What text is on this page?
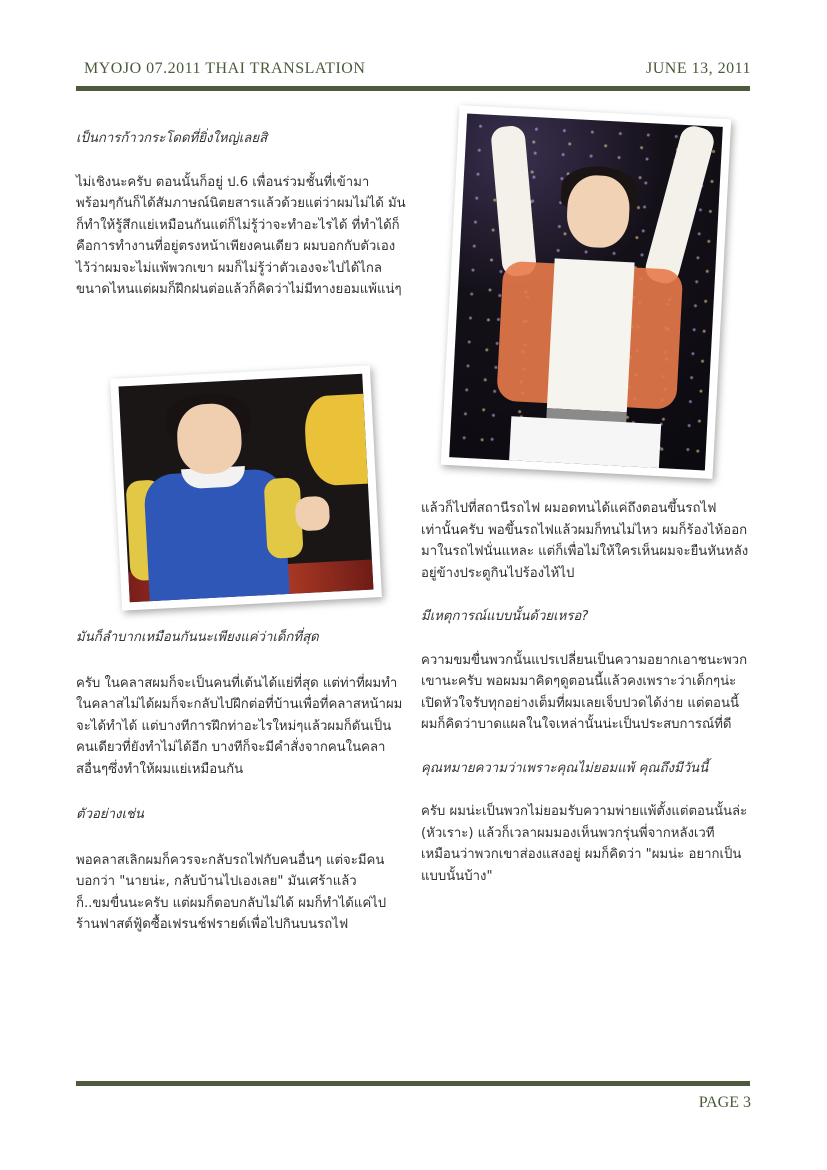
MYOJO 07.2011 THAI TRANSLATION	JUNE 13, 2011

เป็นการก้าวกระโดดที่ยิ่งใหญ่เลยสิ

ไม่เชิงนะครับ ตอนนั้นก็อยู่ ป.6 เพื่อนร่วมชั้นที่เข้ามาพร้อมๆกันก็ได้สัมภาษณ์นิตยสารแล้วด้วยแต่ว่าผมไม่ได้ มันก็ทำให้รู้สึกแย่เหมือนกันแต่ก็ไม่รู้ว่าจะทำอะไรได้ ที่ทำได้ก็คือการทำงานที่อยู่ตรงหน้าเพียงคนเดียว ผมบอกกับตัวเองไว้ว่าผมจะไม่แพ้พวกเขา ผมก็ไม่รู้ว่าตัวเองจะไปได้ไกลขนาดไหนแต่ผมก็ฝึกฝนต่อแล้วก็คิดว่าไม่มีทางยอมแพ้แน่ๆ

มันก็ลำบากเหมือนกันนะเพียงแค่ว่าเด็กที่สุด

ครับ ในคลาสผมก็จะเป็นคนที่เต้นได้แย่ที่สุด แต่ท่าที่ผมทำในคลาสไม่ได้ผมก็จะกลับไปฝึกต่อที่บ้านเพื่อที่คลาสหน้าผมจะได้ทำได้ แต่บางทีการฝึกท่าอะไรใหม่ๆแล้วผมก็ดันเป็นคนเดียวที่ยังทำไม่ได้อีก บางทีก็จะมีคำสั่งจากคนในคลาสอื่นๆซึ่งทำให้ผมแย่เหมือนกัน

ตัวอย่างเช่น

พอคลาสเลิกผมก็ควรจะกลับรถไฟกับคนอื่นๆ แต่จะมีคนบอกว่า "นายน่ะ, กลับบ้านไปเองเลย" มันเศร้าแล้วก็..ขมขื่นนะครับ แต่ผมก็ตอบกลับไม่ได้ ผมก็ทำได้แค่ไปร้านฟาสต์ฟู้ดซื้อเฟรนช์ฟรายด์เพื่อไปกินบนรถไฟ

แล้วก็ไปที่สถานีรถไฟ ผมอดทนได้แค่ถึงตอนขึ้นรถไฟเท่านั้นครับ พอขึ้นรถไฟแล้วผมก็ทนไม่ไหว ผมก็ร้องไห้ออกมาในรถไฟนั่นแหละ แต่ก็เพื่อไม่ให้ใครเห็นผมจะยืนหันหลังอยู่ข้างประตูกินไปร้องไห้ไป

มีเหตุการณ์แบบนั้นด้วยเหรอ?

ความขมขื่นพวกนั้นแปรเปลี่ยนเป็นความอยากเอาชนะพวกเขานะครับ พอผมมาคิดๆดูตอนนี้แล้วคงเพราะว่าเด็กๆน่ะเปิดหัวใจรับทุกอย่างเต็มที่ผมเลยเจ็บปวดได้ง่าย แต่ตอนนี้ผมก็คิดว่าบาดแผลในใจเหล่านั้นน่ะเป็นประสบการณ์ที่ดี

คุณหมายความว่าเพราะคุณไม่ยอมแพ้ คุณถึงมีวันนี้

ครับ ผมน่ะเป็นพวกไม่ยอมรับความพ่ายแพ้ตั้งแต่ตอนนั้นล่ะ (หัวเราะ) แล้วก็เวลาผมมองเห็นพวกรุ่นพี่จากหลังเวทีเหมือนว่าพวกเขาส่องแสงอยู่ ผมก็คิดว่า "ผมน่ะ อยากเป็นแบบนั้นบ้าง"

PAGE 3
